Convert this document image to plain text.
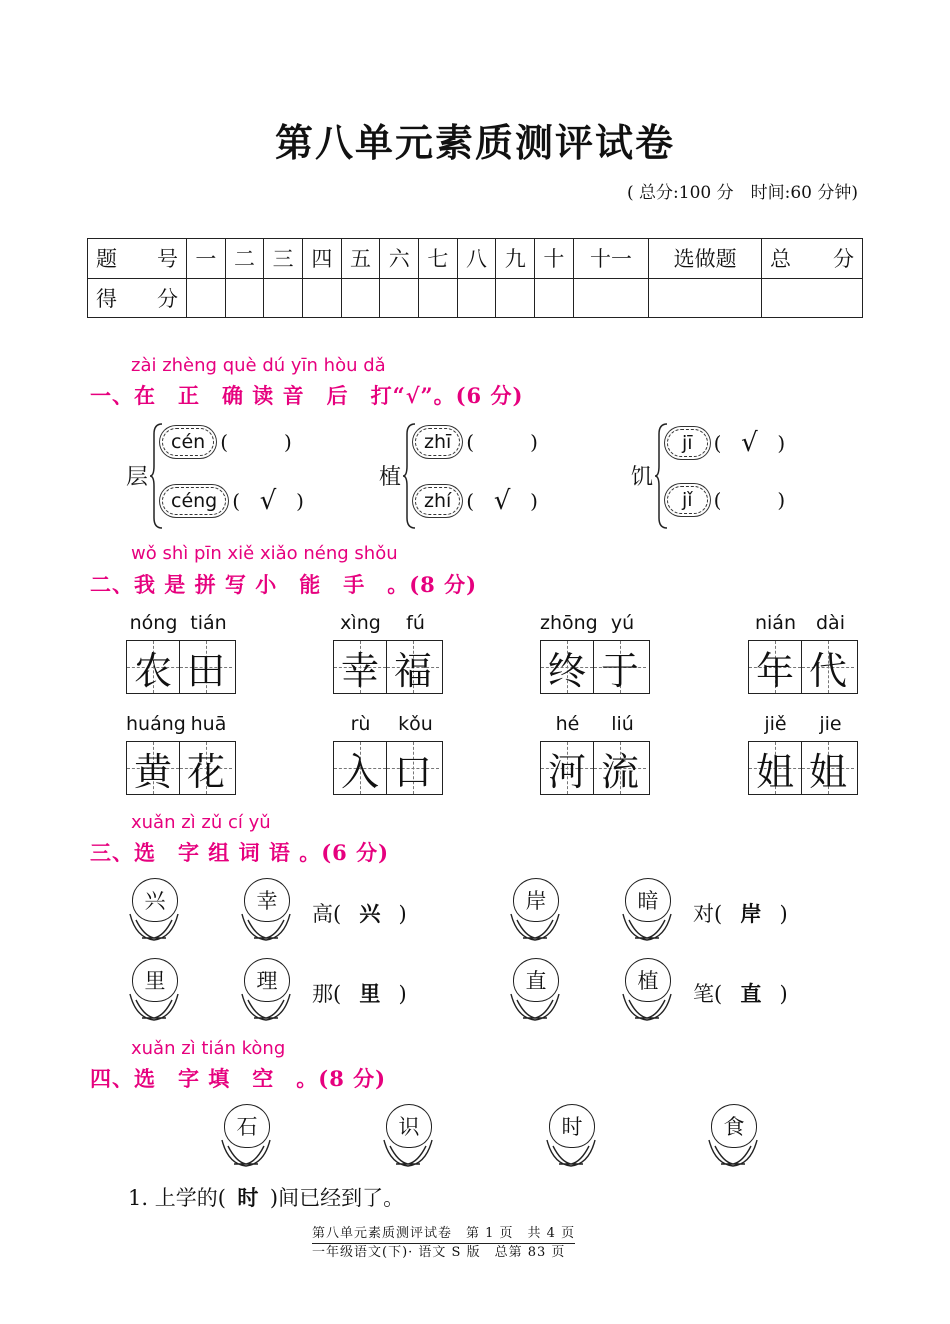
第八单元素质测评试卷
( 总分:100 分　时间:60 分钟)
题　号	一	二	三	四	五	六	七	八	九	十	十一	选做题	总　分
得　分													
zài zhèng què dú yīn hòu dǎ
一、在　正　确 读 音　后　打“√”。(6 分)
层
cén (	)
céng ( √ )
植
zhī (	)
zhí ( √ )
饥
jī	( √ )
jǐ	(	)
wǒ shì pīn xiě xiǎo néng shǒu
二、我 是 拼 写 小　能　手　。(8 分)
nóng tián
农 田
xìng	fú
幸 福
zhōng yú
终 于
nián	dài
年 代
huáng huā
黄 花
rù	kǒu
入 口
hé	liú
河 流
jiě	jie
姐 姐
xuǎn zì zǔ cí yǔ
三、选　字 组 词 语 。(6 分)
兴	幸
高( 兴 )
岸	暗
对( 岸 )
里	理
那( 里 )
直	植
笔( 直 )
xuǎn zì tián kòng
四、选　字 填　空　。(8 分)
石	识	时	食
1. 上学的( 时 )间已经到了。
第八单元素质测评试卷　第 1 页　共 4 页
一年级语文(下)· 语文 S 版　总第 83 页
